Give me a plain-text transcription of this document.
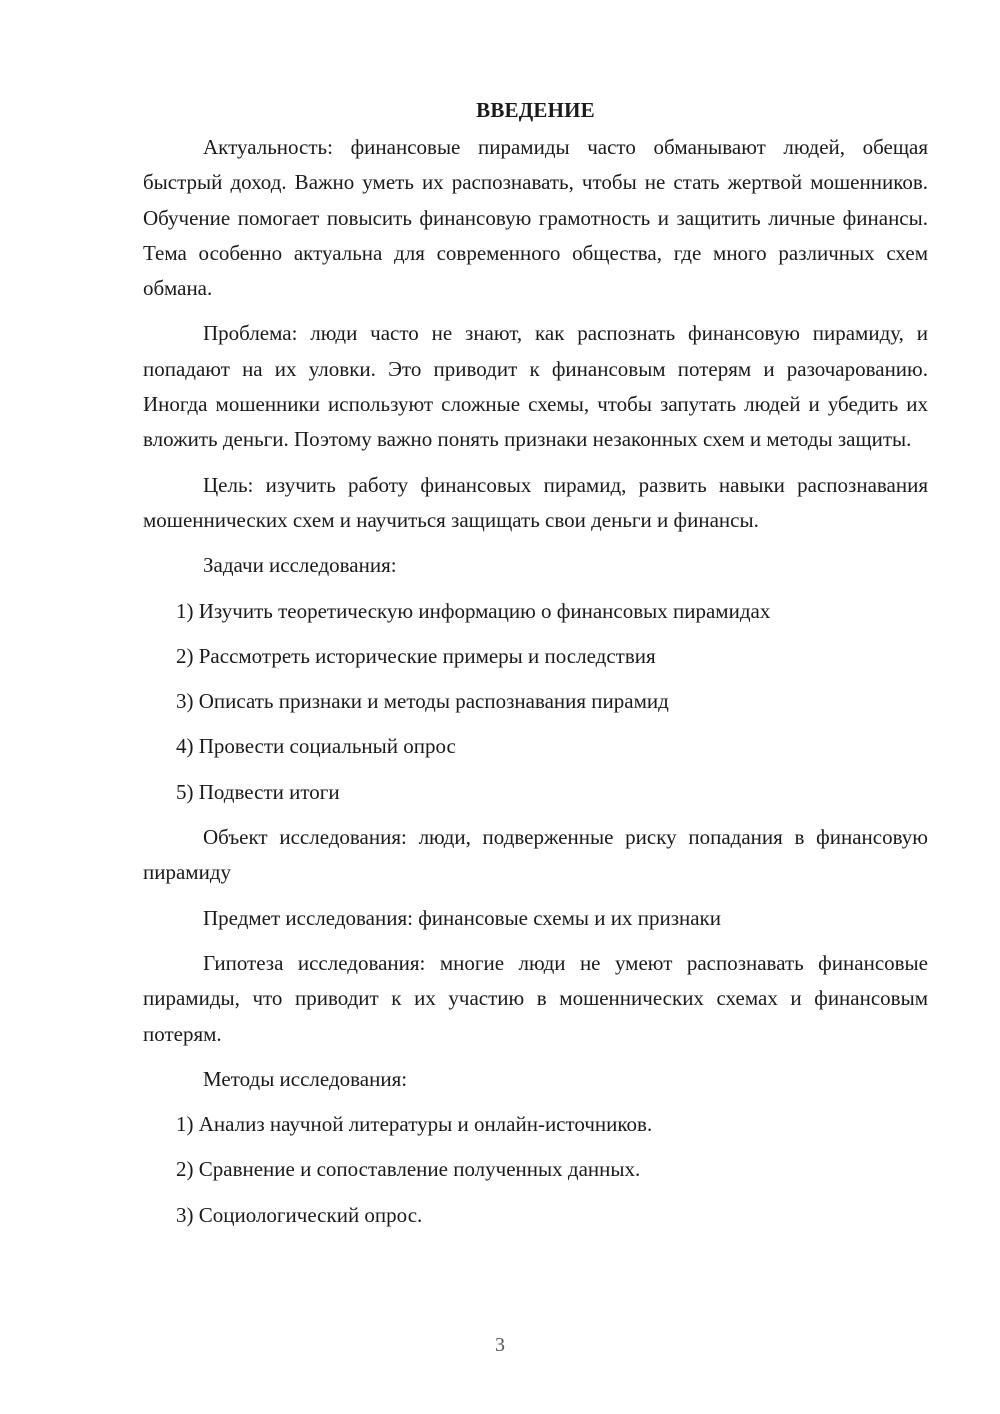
ВВЕДЕНИЕ

Актуальность: финансовые пирамиды часто обманывают людей, обещая быстрый доход. Важно уметь их распознавать, чтобы не стать жертвой мошенников. Обучение помогает повысить финансовую грамотность и защитить личные финансы. Тема особенно актуальна для современного общества, где много различных схем обмана.

Проблема: люди часто не знают, как распознать финансовую пирамиду, и попадают на их уловки. Это приводит к финансовым потерям и разочарованию. Иногда мошенники используют сложные схемы, чтобы запутать людей и убедить их вложить деньги. Поэтому важно понять признаки незаконных схем и методы защиты.

Цель: изучить работу финансовых пирамид, развить навыки распознавания мошеннических схем и научиться защищать свои деньги и финансы.

Задачи исследования:

1) Изучить теоретическую информацию о финансовых пирамидах

2) Рассмотреть исторические примеры и последствия

3) Описать признаки и методы распознавания пирамид

4) Провести социальный опрос

5) Подвести итоги

Объект исследования: люди, подверженные риску попадания в финансовую пирамиду

Предмет исследования: финансовые схемы и их признаки

Гипотеза исследования: многие люди не умеют распознавать финансовые пирамиды, что приводит к их участию в мошеннических схемах и финансовым потерям.

Методы исследования:

1) Анализ научной литературы и онлайн-источников.

2) Сравнение и сопоставление полученных данных.

3) Социологический опрос.

3
